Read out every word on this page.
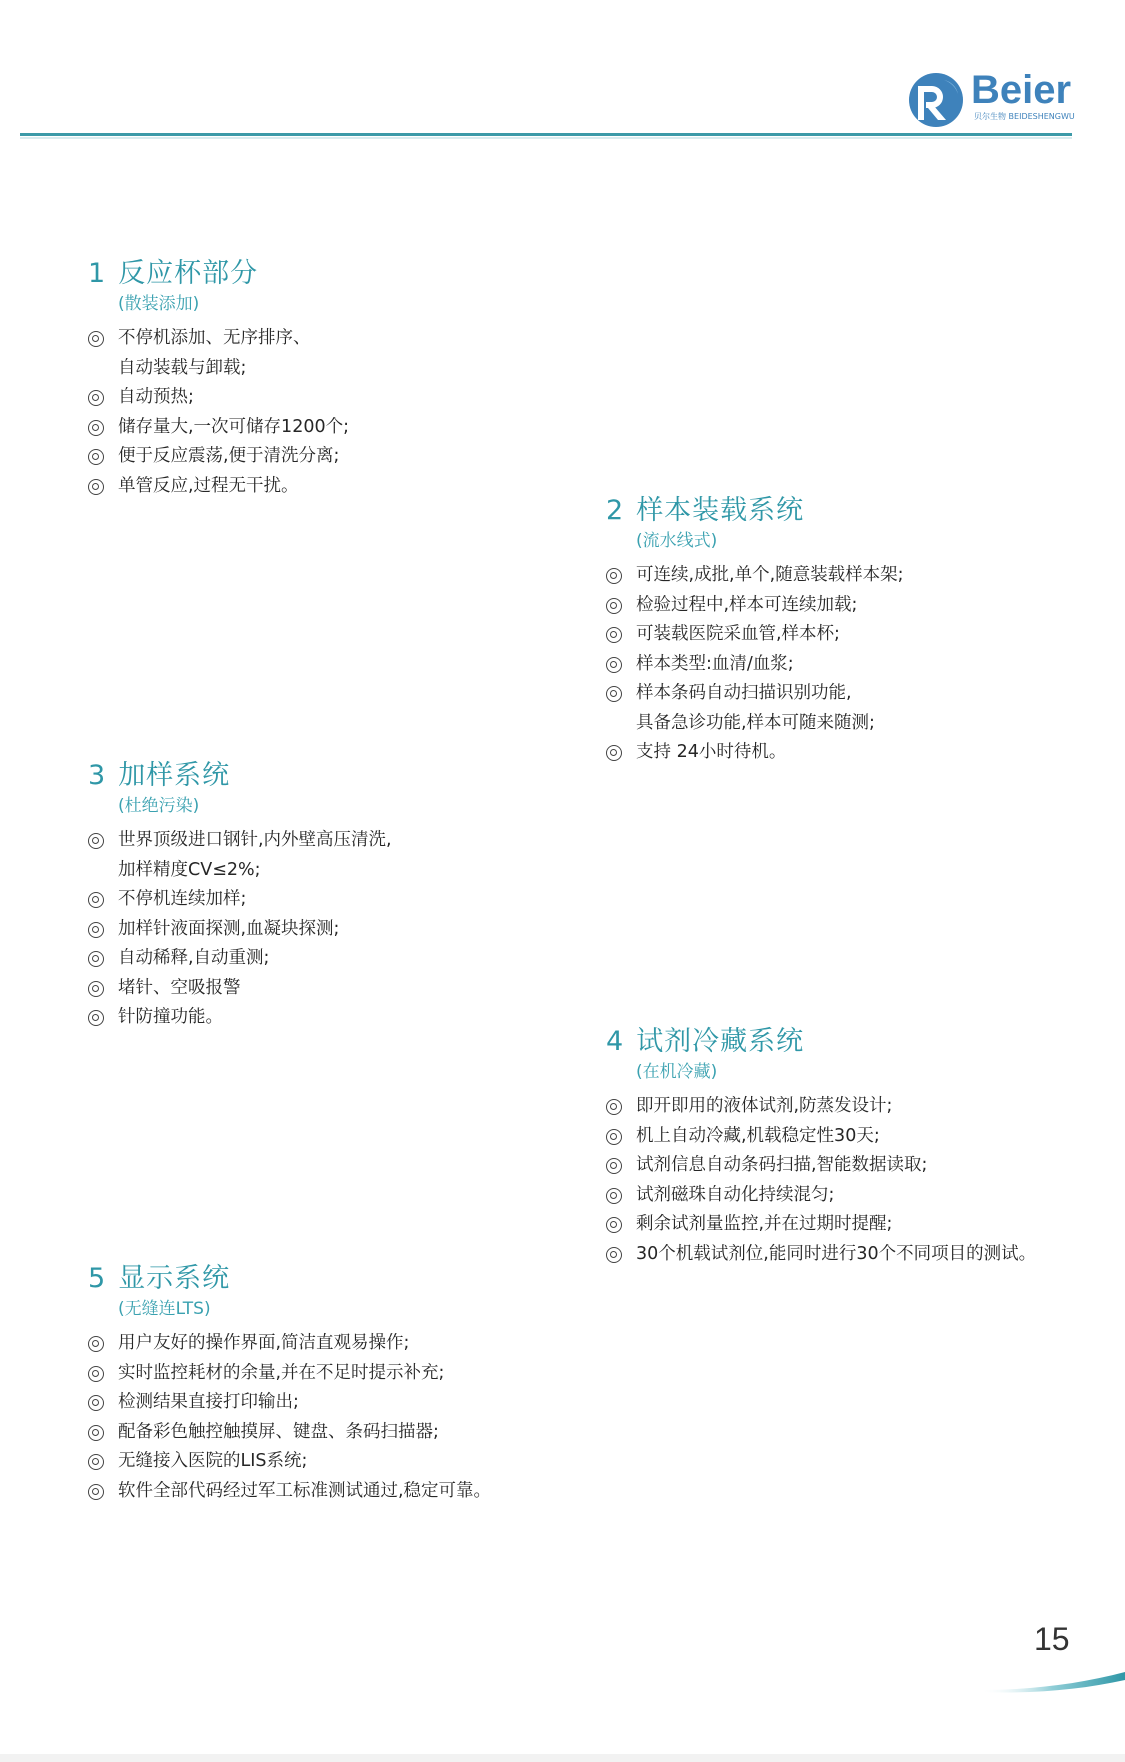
Beier
贝尔生物 BEIDESHENGWU
1 反应杯部分
(散装添加)
不停机添加、无序排序、
自动装载与卸载;
自动预热;
储存量大,一次可储存1200个;
便于反应震荡,便于清洗分离;
单管反应,过程无干扰。
2 样本装载系统
(流水线式)
可连续,成批,单个,随意装载样本架;
检验过程中,样本可连续加载;
可装载医院采血管,样本杯;
样本类型:血清/血浆;
样本条码自动扫描识别功能,
具备急诊功能,样本可随来随测;
支持 24小时待机。
3 加样系统
(杜绝污染)
世界顶级进口钢针,内外壁高压清洗,
加样精度CV≤2%;
不停机连续加样;
加样针液面探测,血凝块探测;
自动稀释,自动重测;
堵针、空吸报警
针防撞功能。
4 试剂冷藏系统
(在机冷藏)
即开即用的液体试剂,防蒸发设计;
机上自动冷藏,机载稳定性30天;
试剂信息自动条码扫描,智能数据读取;
试剂磁珠自动化持续混匀;
剩余试剂量监控,并在过期时提醒;
30个机载试剂位,能同时进行30个不同项目的测试。
5 显示系统
(无缝连LTS)
用户友好的操作界面,简洁直观易操作;
实时监控耗材的余量,并在不足时提示补充;
检测结果直接打印输出;
配备彩色触控触摸屏、键盘、条码扫描器;
无缝接入医院的LIS系统;
软件全部代码经过军工标准测试通过,稳定可靠。
15
